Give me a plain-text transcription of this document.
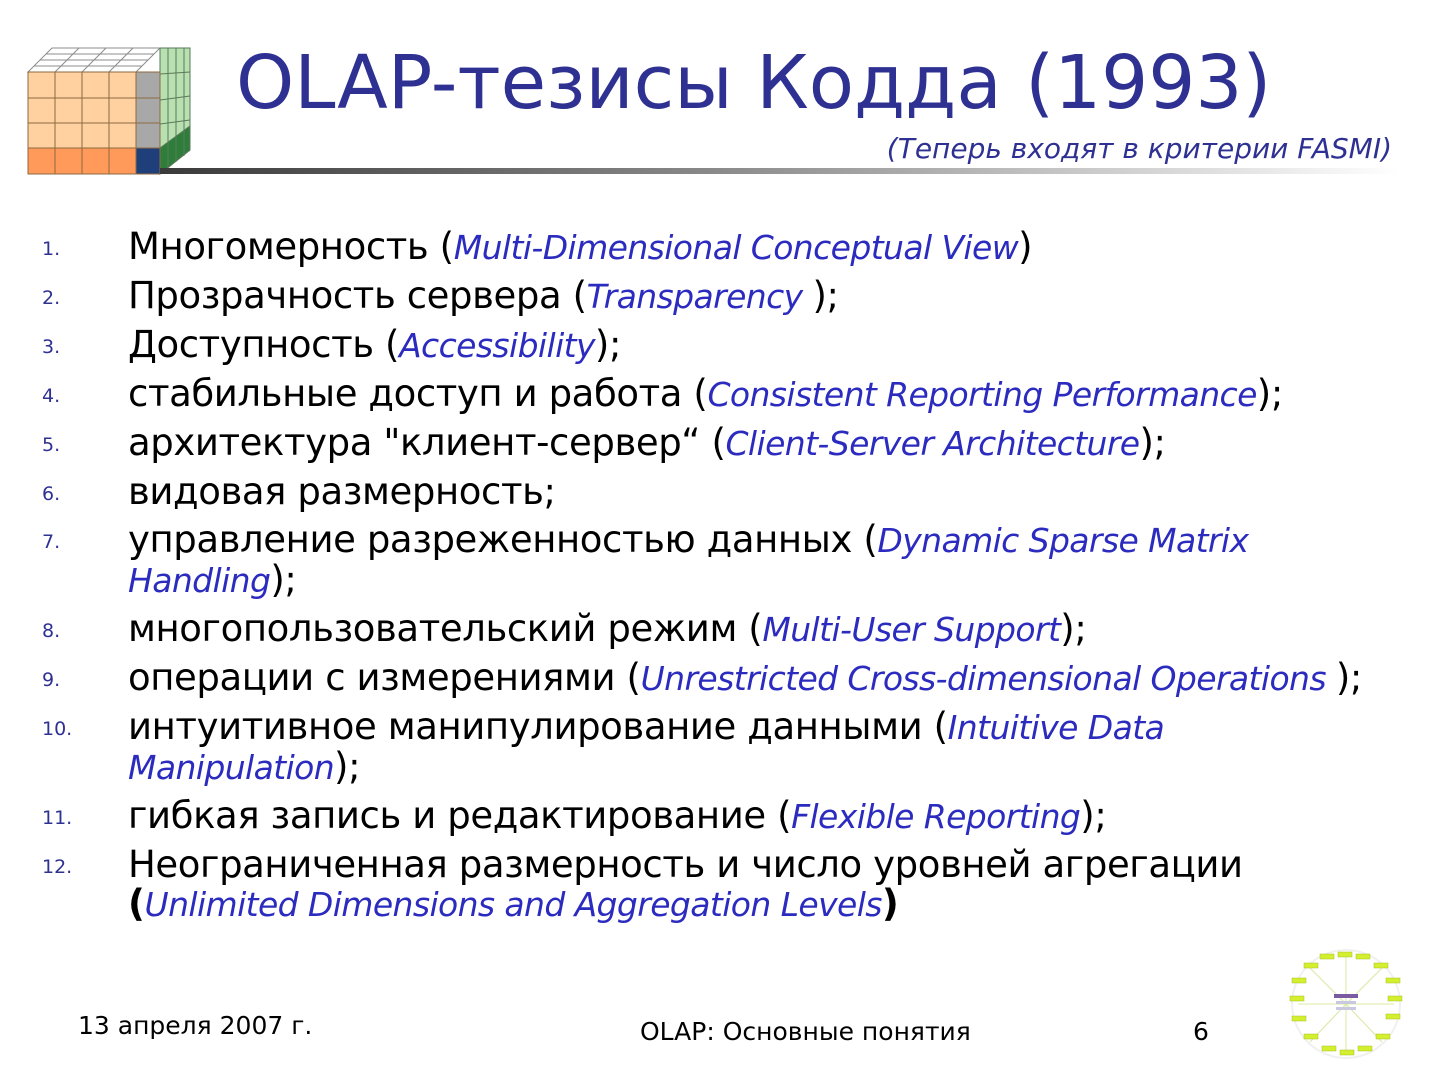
OLAP-тезисы Кодда (1993)
(Теперь входят в критерии FASMI)
1. Многомерность (Multi-Dimensional Conceptual View)
2. Прозрачность сервера (Transparency );
3. Доступность (Accessibility);
4. стабильные доступ и работа (Consistent Reporting Performance);
5. архитектура "клиент-сервер“ (Client-Server Architecture);
6. видовая размерность;
7. управление разреженностью данных (Dynamic Sparse Matrix Handling);
8. многопользовательский режим (Multi-User Support);
9. операции с измерениями (Unrestricted Cross-dimensional Operations );
10. интуитивное манипулирование данными (Intuitive Data Manipulation);
11. гибкая запись и редактирование (Flexible Reporting);
12. Неограниченная размерность и число уровней агрегации (Unlimited Dimensions and Aggregation Levels)
13 апреля 2007 г.	OLAP: Основные понятия	6
